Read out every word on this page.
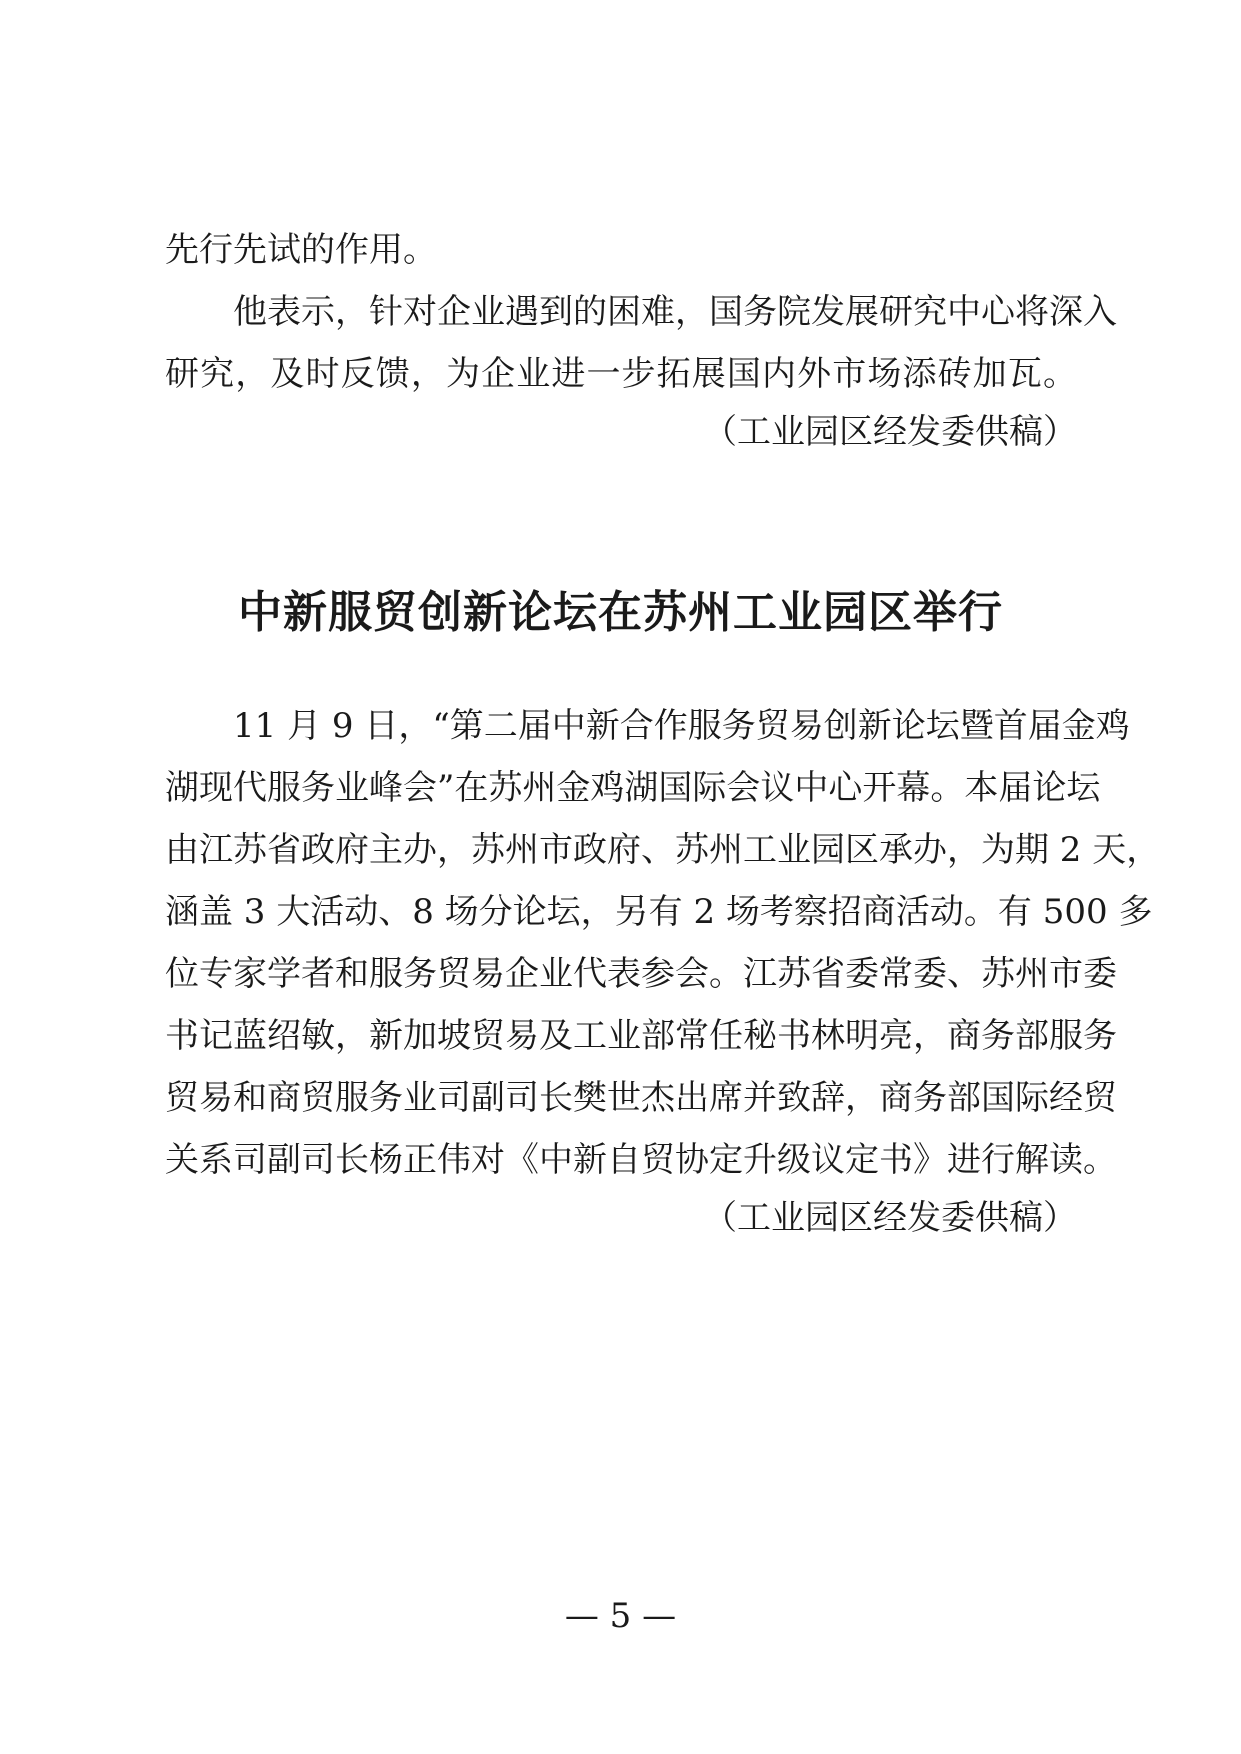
先行先试的作用。

他表示，针对企业遇到的困难，国务院发展研究中心将深入

研究，及时反馈，为企业进一步拓展国内外市场添砖加瓦。

（工业园区经发委供稿）

中新服贸创新论坛在苏州工业园区举行

11 月 9 日，“第二届中新合作服务贸易创新论坛暨首届金鸡

湖现代服务业峰会”在苏州金鸡湖国际会议中心开幕。本届论坛

由江苏省政府主办，苏州市政府、苏州工业园区承办，为期 2 天，

涵盖 3 大活动、8 场分论坛，另有 2 场考察招商活动。有 500 多

位专家学者和服务贸易企业代表参会。江苏省委常委、苏州市委

书记蓝绍敏，新加坡贸易及工业部常任秘书林明亮，商务部服务

贸易和商贸服务业司副司长樊世杰出席并致辞，商务部国际经贸

关系司副司长杨正伟对《中新自贸协定升级议定书》进行解读。

（工业园区经发委供稿）

— 5 —
